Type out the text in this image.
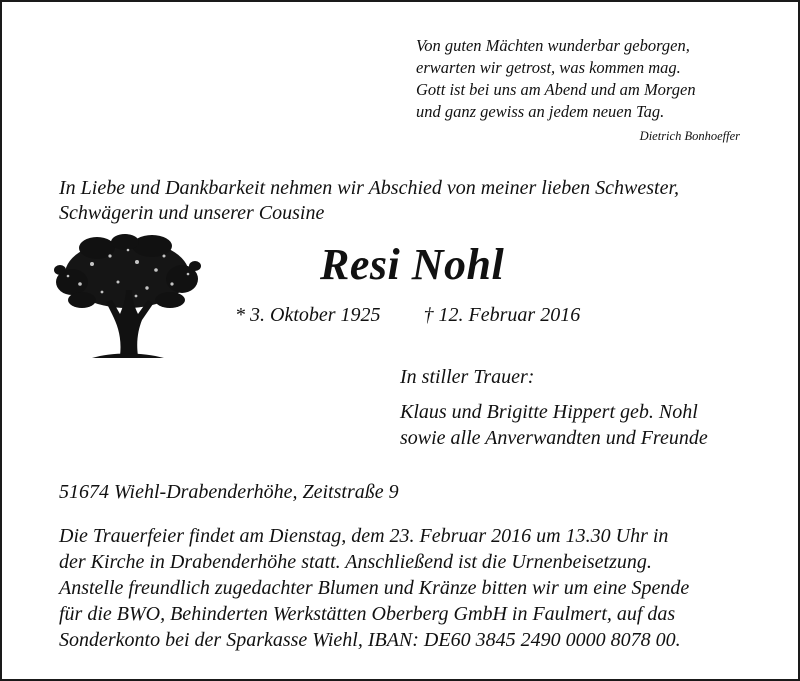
Von guten Mächten wunderbar geborgen,
erwarten wir getrost, was kommen mag.
Gott ist bei uns am Abend und am Morgen
und ganz gewiss an jedem neuen Tag.
Dietrich Bonhoeffer
In Liebe und Dankbarkeit nehmen wir Abschied von meiner lieben Schwester,
Schwägerin und unserer Cousine
Resi Nohl
* 3. Oktober 1925 † 12. Februar 2016
In stiller Trauer:
Klaus und Brigitte Hippert geb. Nohl
sowie alle Anverwandten und Freunde
51674 Wiehl-Drabenderhöhe, Zeitstraße 9
Die Trauerfeier findet am Dienstag, dem 23. Februar 2016 um 13.30 Uhr in
der Kirche in Drabenderhöhe statt. Anschließend ist die Urnenbeisetzung.
Anstelle freundlich zugedachter Blumen und Kränze bitten wir um eine Spende
für die BWO, Behinderten Werkstätten Oberberg GmbH in Faulmert, auf das
Sonderkonto bei der Sparkasse Wiehl, IBAN: DE60 3845 2490 0000 8078 00.
